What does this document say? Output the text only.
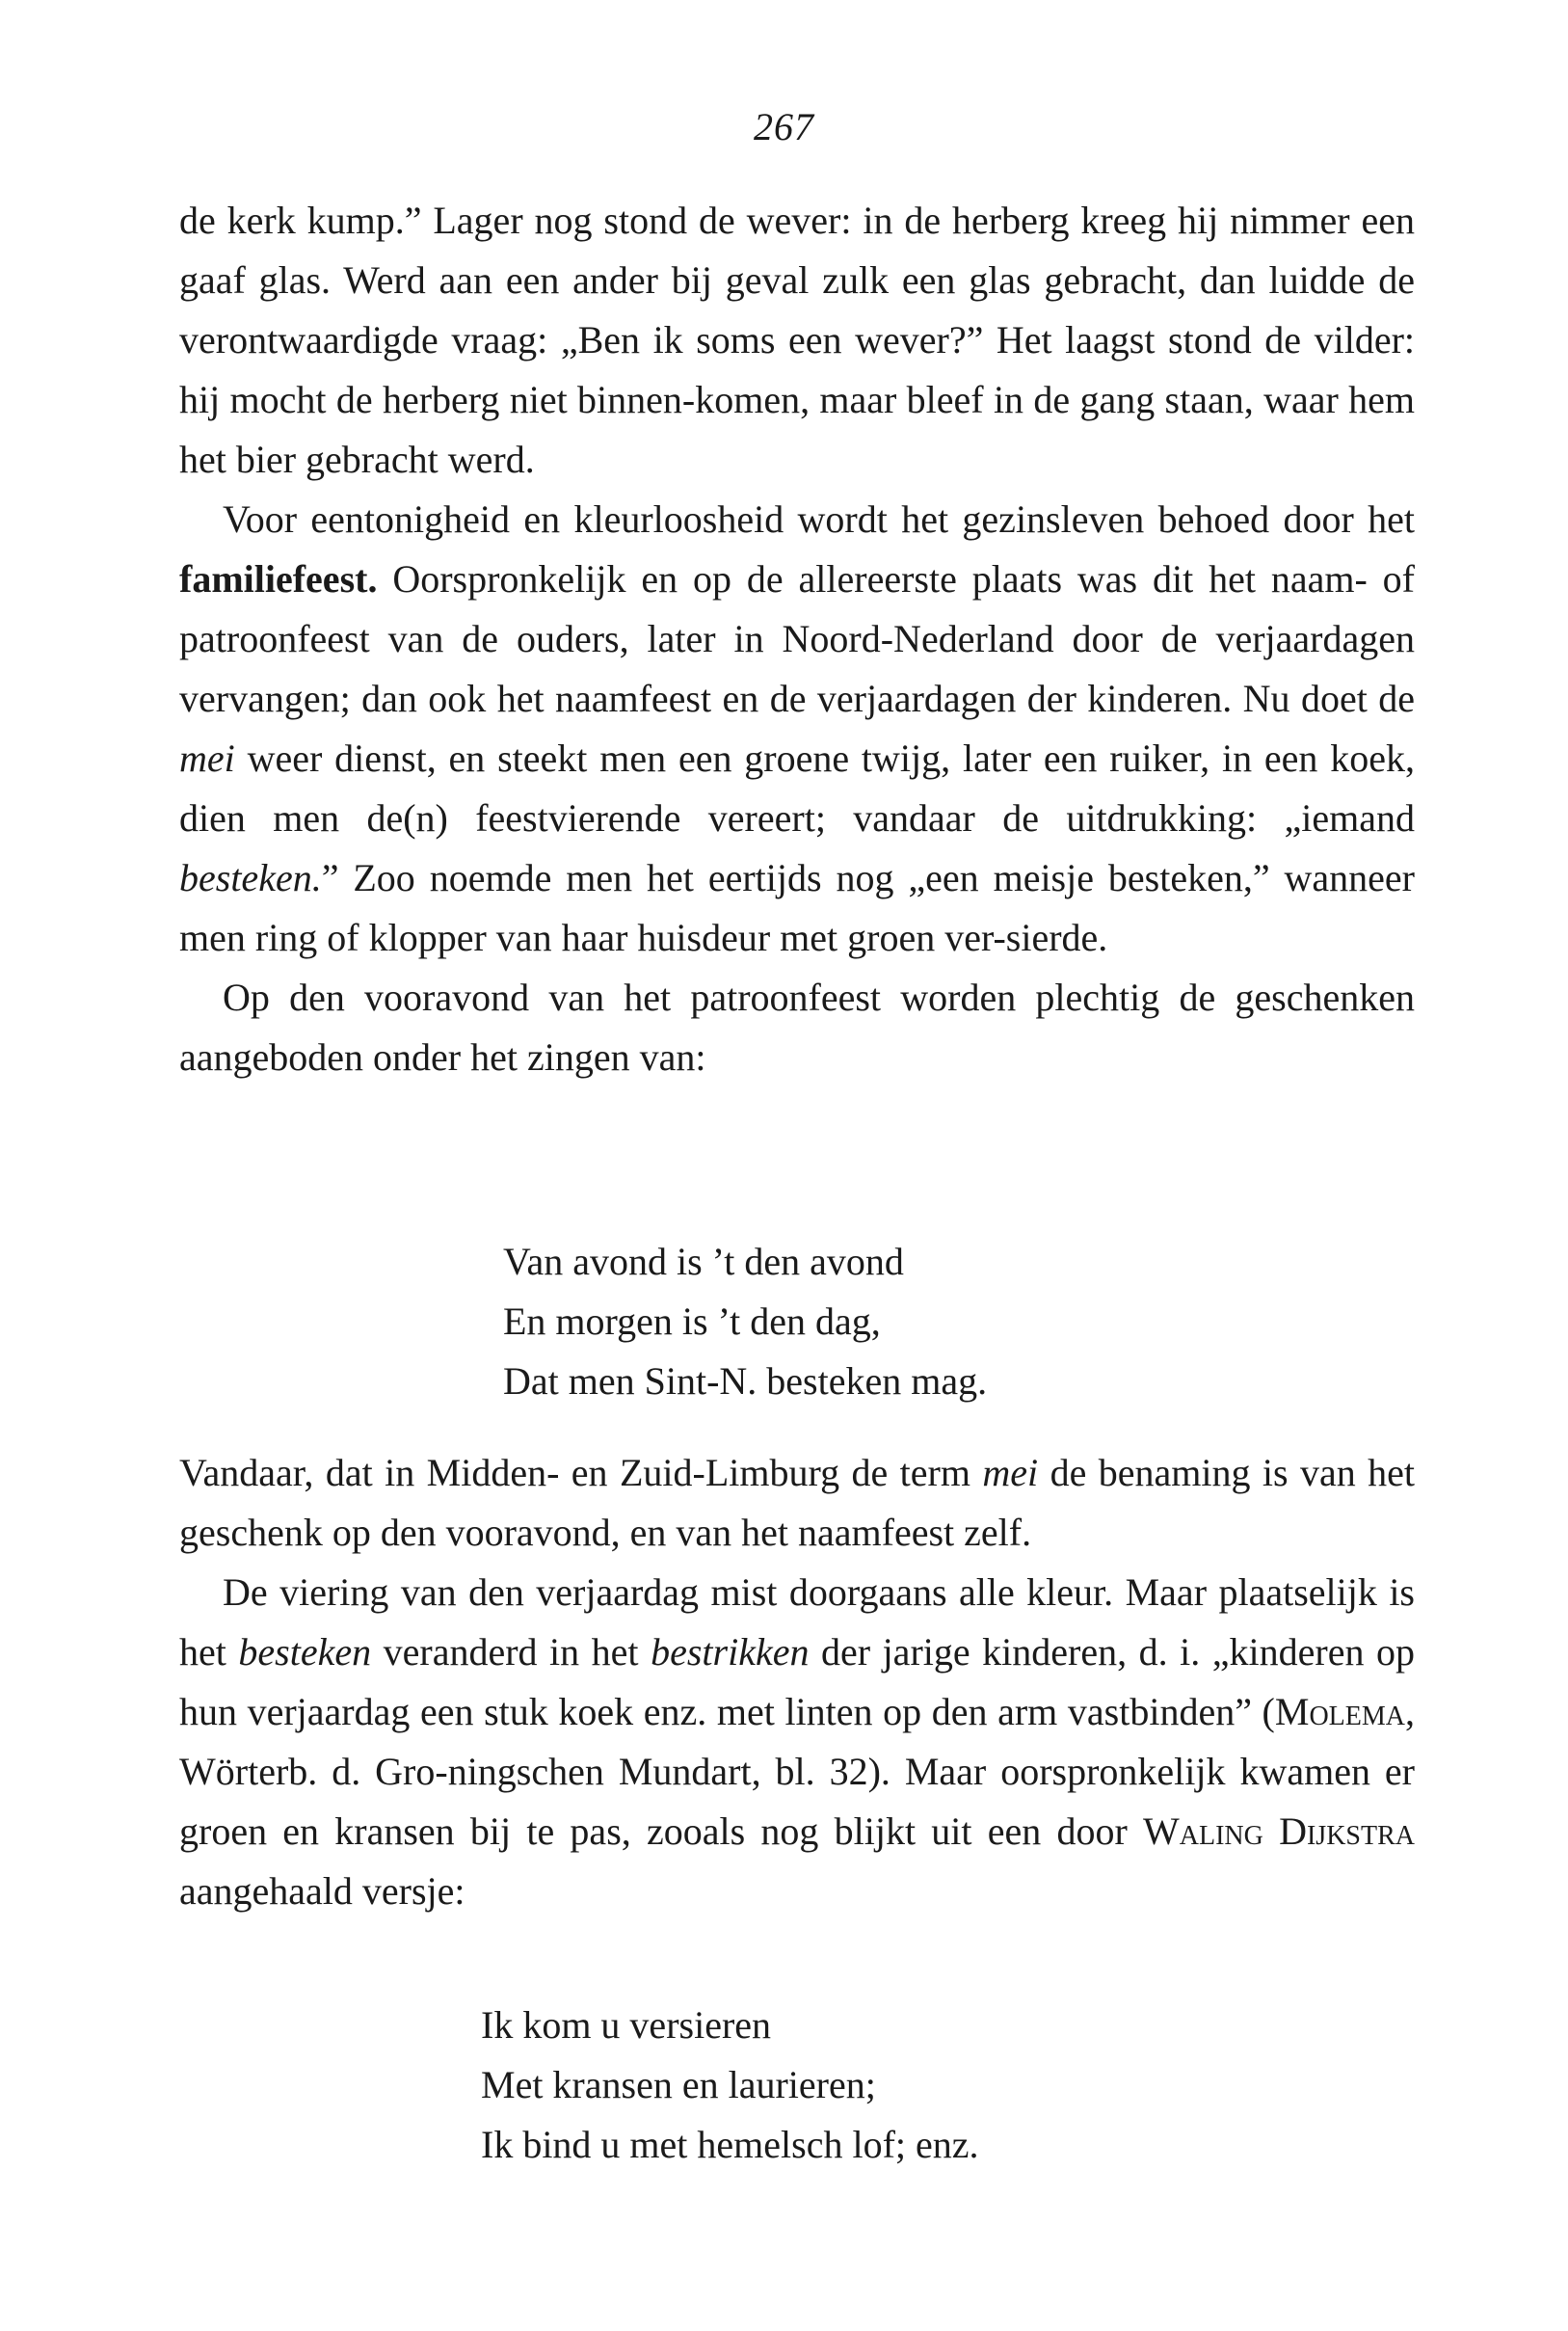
267

de kerk kump.” Lager nog stond de wever: in de herberg kreeg hij nimmer een gaaf glas. Werd aan een ander bij geval zulk een glas gebracht, dan luidde de verontwaardigde vraag: „Ben ik soms een wever?” Het laagst stond de vilder: hij mocht de herberg niet binnen-komen, maar bleef in de gang staan, waar hem het bier gebracht werd.

Voor eentonigheid en kleurloosheid wordt het gezinsleven behoed door het familiefeest. Oorspronkelijk en op de allereerste plaats was dit het naam- of patroonfeest van de ouders, later in Noord-Nederland door de verjaardagen vervangen; dan ook het naamfeest en de verjaardagen der kinderen. Nu doet de mei weer dienst, en steekt men een groene twijg, later een ruiker, in een koek, dien men de(n) feestvierende vereert; vandaar de uitdrukking: „iemand besteken.” Zoo noemde men het eertijds nog „een meisje besteken,” wanneer men ring of klopper van haar huisdeur met groen ver-sierde.

Op den vooravond van het patroonfeest worden plechtig de geschenken aangeboden onder het zingen van:

Van avond is ’t den avond
En morgen is ’t den dag,
Dat men Sint-N. besteken mag.

Vandaar, dat in Midden- en Zuid-Limburg de term mei de benaming is van het geschenk op den vooravond, en van het naamfeest zelf.

De viering van den verjaardag mist doorgaans alle kleur. Maar plaatselijk is het besteken veranderd in het bestrikken der jarige kinderen, d. i. „kinderen op hun verjaardag een stuk koek enz. met linten op den arm vastbinden” (Molema, Wörterb. d. Gro-ningschen Mundart, bl. 32). Maar oorspronkelijk kwamen er groen en kransen bij te pas, zooals nog blijkt uit een door Waling Dijkstra aangehaald versje:

Ik kom u versieren
Met kransen en laurieren;
Ik bind u met hemelsch lof; enz.
